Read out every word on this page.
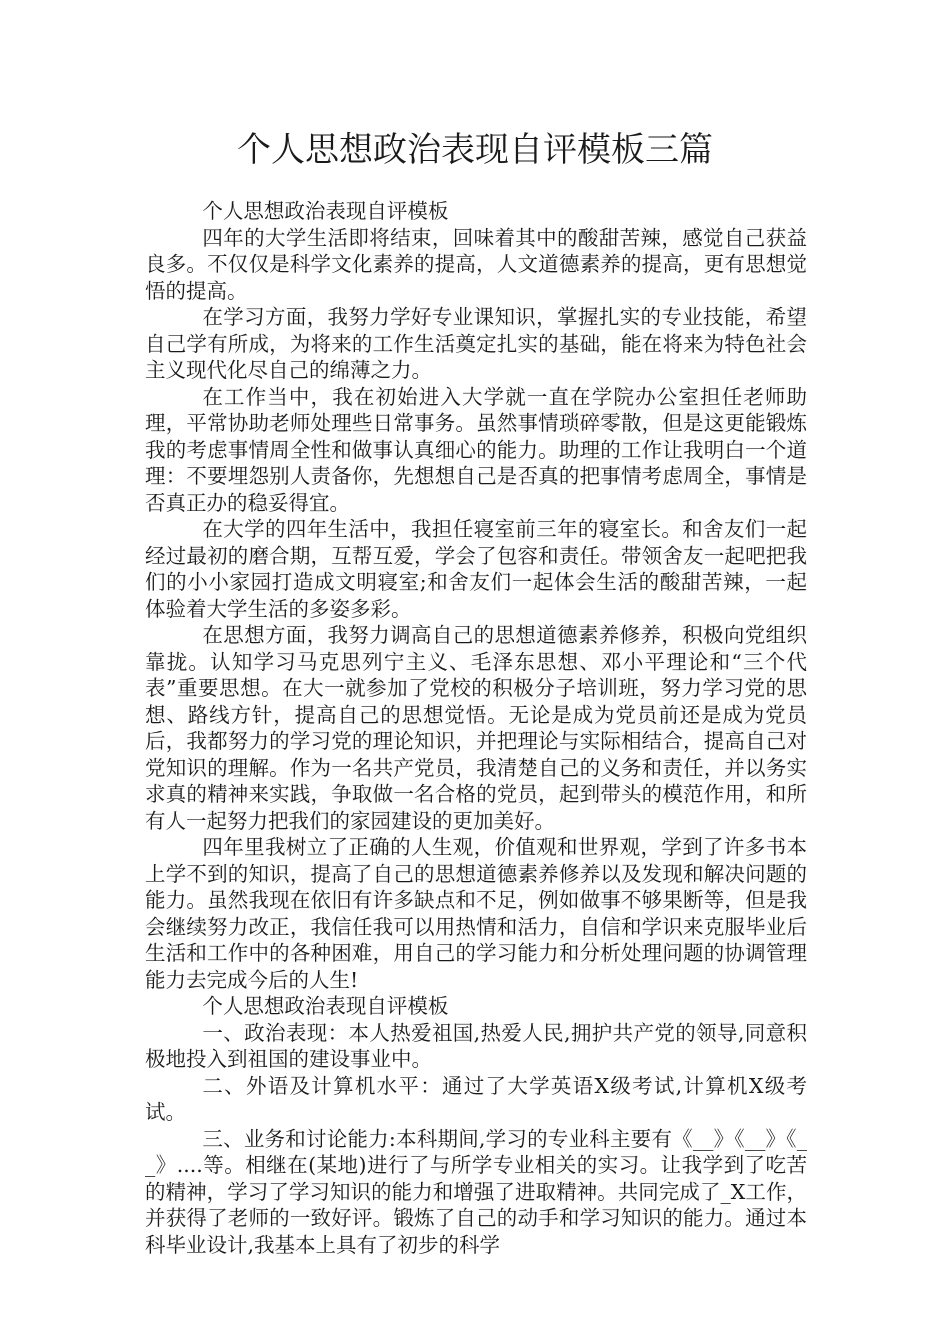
个人思想政治表现自评模板三篇

个人思想政治表现自评模板

四年的大学生活即将结束，回味着其中的酸甜苦辣，感觉自己获益良多。不仅仅是科学文化素养的提高，人文道德素养的提高，更有思想觉悟的提高。

在学习方面，我努力学好专业课知识，掌握扎实的专业技能，希望自己学有所成，为将来的工作生活奠定扎实的基础，能在将来为特色社会主义现代化尽自己的绵薄之力。

在工作当中，我在初始进入大学就一直在学院办公室担任老师助理，平常协助老师处理些日常事务。虽然事情琐碎零散，但是这更能锻炼我的考虑事情周全性和做事认真细心的能力。助理的工作让我明白一个道理：不要埋怨别人责备你，先想想自己是否真的把事情考虑周全，事情是否真正办的稳妥得宜。

在大学的四年生活中，我担任寝室前三年的寝室长。和舍友们一起经过最初的磨合期，互帮互爱，学会了包容和责任。带领舍友一起吧把我们的小小家园打造成文明寝室;和舍友们一起体会生活的酸甜苦辣，一起体验着大学生活的多姿多彩。

在思想方面，我努力调高自己的思想道德素养修养，积极向党组织靠拢。认知学习马克思列宁主义、毛泽东思想、邓小平理论和“三个代表”重要思想。在大一就参加了党校的积极分子培训班，努力学习党的思想、路线方针，提高自己的思想觉悟。无论是成为党员前还是成为党员后，我都努力的学习党的理论知识，并把理论与实际相结合，提高自己对党知识的理解。作为一名共产党员，我清楚自己的义务和责任，并以务实求真的精神来实践，争取做一名合格的党员，起到带头的模范作用，和所有人一起努力把我们的家园建设的更加美好。

四年里我树立了正确的人生观，价值观和世界观，学到了许多书本上学不到的知识，提高了自己的思想道德素养修养以及发现和解决问题的能力。虽然我现在依旧有许多缺点和不足，例如做事不够果断等，但是我会继续努力改正，我信任我可以用热情和活力，自信和学识来克服毕业后生活和工作中的各种困难，用自己的学习能力和分析处理问题的协调管理能力去完成今后的人生!

个人思想政治表现自评模板

一、政治表现：本人热爱祖国,热爱人民,拥护共产党的领导,同意积极地投入到祖国的建设事业中。

二、外语及计算机水平：通过了大学英语X级考试,计算机X级考试。

三、业务和讨论能力:本科期间,学习的专业科主要有《__》《__》《__》....等。相继在(某地)进行了与所学专业相关的实习。让我学到了吃苦的精神，学习了学习知识的能力和增强了进取精神。共同完成了_X工作，并获得了老师的一致好评。锻炼了自己的动手和学习知识的能力。通过本科毕业设计,我基本上具有了初步的科学
